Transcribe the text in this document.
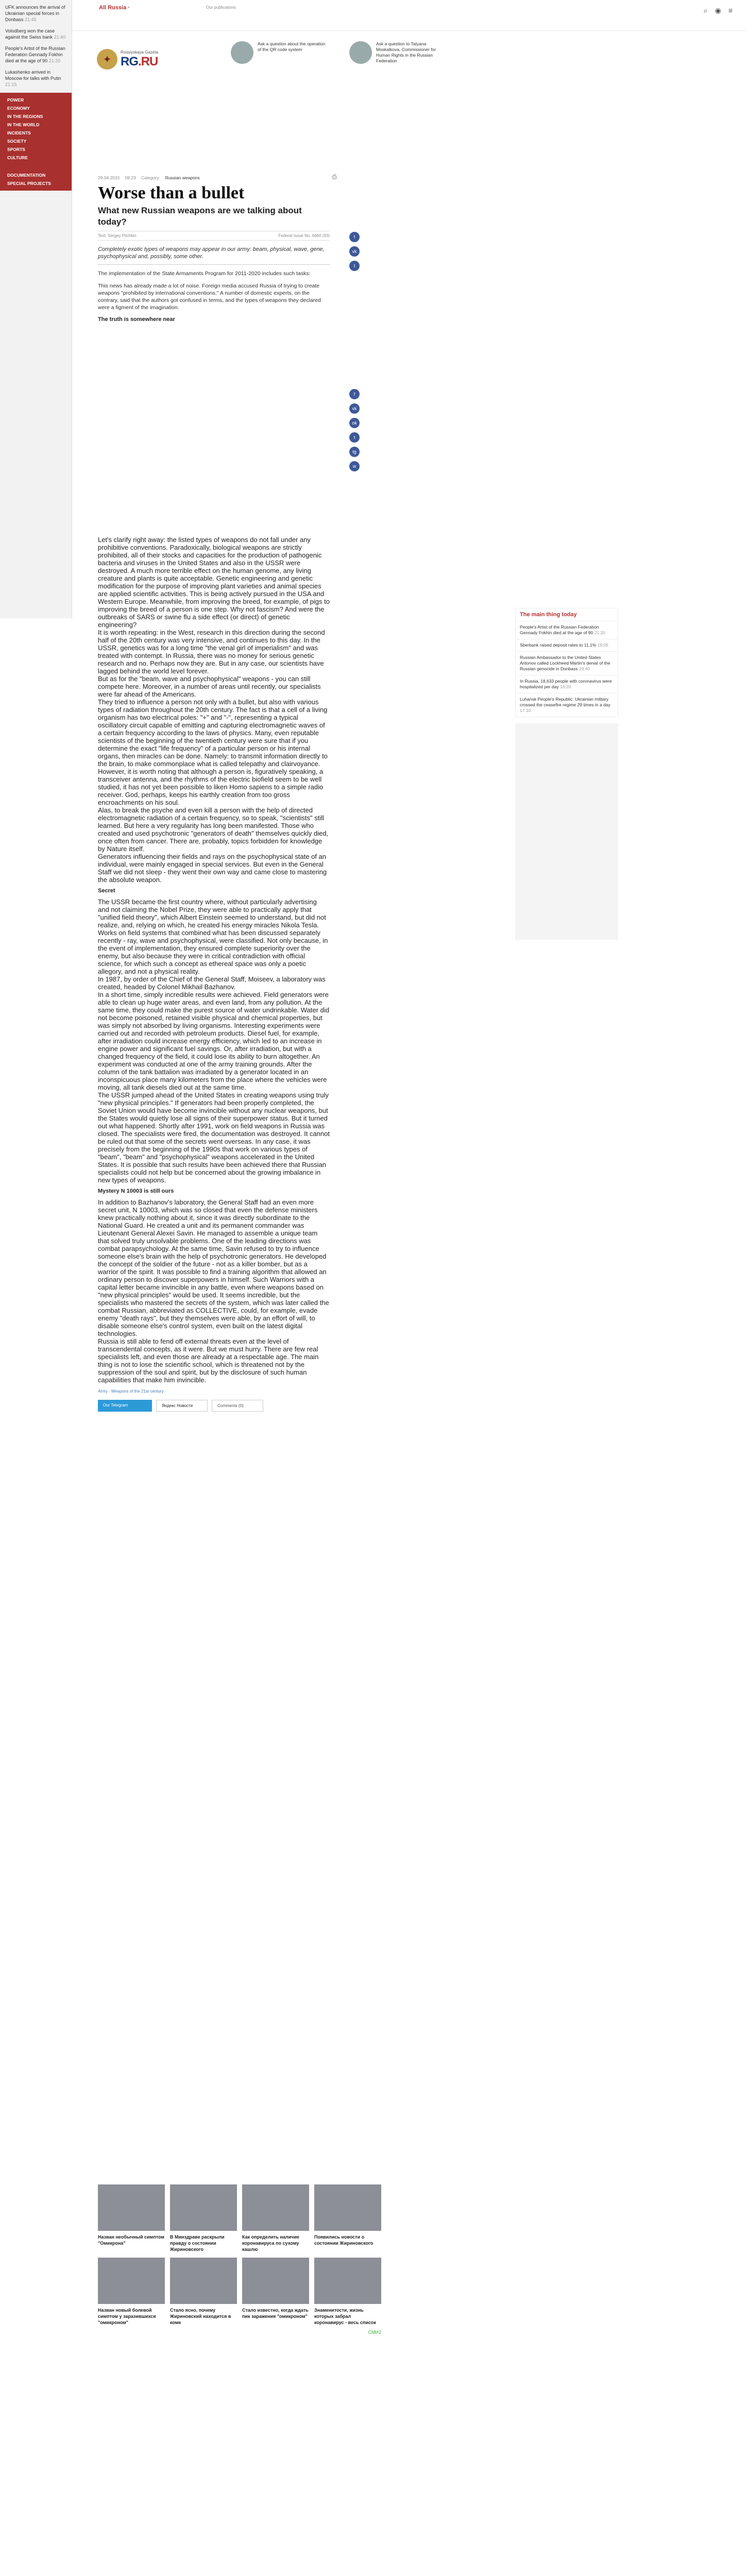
UFK announces the arrival of Ukrainian special forces in Donbass 21:45
Volodberg won the case against the Swiss bank 21:40
People's Artist of the Russian Federation Gennady Fokhin died at the age of 90 21:20
Lukashenko arrived in Moscow for talks with Putin 21:15
POWER
ECONOMY
IN THE REGIONS
IN THE WORLD
INCIDENTS
SOCIETY
SPORTS
CULTURE
DOCUMENTATION
SPECIAL PROJECTS
All Russia ·	Our publications	⌕ ◉ ≡
✦
Rossiyskaya Gazeta
RG.RU
Ask a question about the operation of the QR code system
Ask a question to Tatyana Moskalkova, Commissioner for Human Rights in the Russian Federation
29.04.2015 09:23 Category: Russian weapons	⎙
Worse than a bullet
What new Russian weapons are we talking about today?
Text: Sergey Ptichkin	Federal Issue No. 6660 (93)
Completely exotic types of weapons may appear in our army: beam, physical, wave, gene, psychophysical and, possibly, some other.

The implementation of the State Armaments Program for 2011-2020 includes such tasks:

This news has already made a lot of noise. Foreign media accused Russia of trying to create weapons "prohibited by international conventions." A number of domestic experts, on the contrary, said that the authors got confused in terms, and the types of weapons they declared were a figment of the imagination.

The truth is somewhere near
f
vk
t
f
vk
ok
t
tg
w

Let's clarify right away: the listed types of weapons do not fall under any prohibitive conventions. Paradoxically, biological weapons are strictly prohibited, all of their stocks and capacities for the production of pathogenic bacteria and viruses in the United States and also in the USSR were destroyed. A much more terrible effect on the human genome, any living creature and plants is quite acceptable. Genetic engineering and genetic modification for the purpose of improving plant varieties and animal species are applied scientific activities. This is being actively pursued in the USA and Western Europe. Meanwhile, from improving the breed, for example, of pigs to improving the breed of a person is one step. Why not fascism? And were the outbreaks of SARS or swine flu a side effect (or direct) of genetic engineering?

It is worth repeating: in the West, research in this direction during the second half of the 20th century was very intensive, and continues to this day. In the USSR, genetics was for a long time "the venal girl of imperialism" and was treated with contempt. In Russia, there was no money for serious genetic research and no. Perhaps now they are. But in any case, our scientists have lagged behind the world level forever.

But as for the "beam, wave and psychophysical" weapons - you can still compete here. Moreover, in a number of areas until recently, our specialists were far ahead of the Americans.

They tried to influence a person not only with a bullet, but also with various types of radiation throughout the 20th century. The fact is that a cell of a living organism has two electrical poles: "+" and "-", representing a typical oscillatory circuit capable of emitting and capturing electromagnetic waves of a certain frequency according to the laws of physics. Many, even reputable scientists of the beginning of the twentieth century were sure that if you determine the exact "life frequency" of a particular person or his internal organs, then miracles can be done. Namely: to transmit information directly to the brain, to make commonplace what is called telepathy and clairvoyance.

However, it is worth noting that although a person is, figuratively speaking, a transceiver antenna, and the rhythms of the electric biofield seem to be well studied, it has not yet been possible to liken Homo sapiens to a simple radio receiver. God, perhaps, keeps his earthly creation from too gross encroachments on his soul.

Alas, to break the psyche and even kill a person with the help of directed electromagnetic radiation of a certain frequency, so to speak, "scientists" still learned. But here a very regularity has long been manifested. Those who created and used psychotronic "generators of death" themselves quickly died, once often from cancer. There are, probably, topics forbidden for knowledge by Nature itself.

Generators influencing their fields and rays on the psychophysical state of an individual, were mainly engaged in special services. But even in the General Staff we did not sleep - they went their own way and came close to mastering the absolute weapon.

Secret

The USSR became the first country where, without particularly advertising and not claiming the Nobel Prize, they were able to practically apply that "unified field theory", which Albert Einstein seemed to understand, but did not realize, and, relying on which, he created his energy miracles Nikola Tesla. Works on field systems that combined what has been discussed separately recently - ray, wave and psychophysical, were classified. Not only because, in the event of implementation, they ensured complete superiority over the enemy, but also because they were in critical contradiction with official science, for which such a concept as ethereal space was only a poetic allegory, and not a physical reality.

In 1987, by order of the Chief of the General Staff, Moiseev, a laboratory was created, headed by Colonel Mikhail Bazhanov.

In a short time, simply incredible results were achieved. Field generators were able to clean up huge water areas, and even land, from any pollution. At the same time, they could make the purest source of water undrinkable. Water did not become poisoned, retained visible physical and chemical properties, but was simply not absorbed by living organisms. Interesting experiments were carried out and recorded with petroleum products. Diesel fuel, for example, after irradiation could increase energy efficiency, which led to an increase in engine power and significant fuel savings. Or, after irradiation, but with a changed frequency of the field, it could lose its ability to burn altogether. An experiment was conducted at one of the army training grounds. After the column of the tank battalion was irradiated by a generator located in an inconspicuous place many kilometers from the place where the vehicles were moving, all tank diesels died out at the same time.

The USSR jumped ahead of the United States in creating weapons using truly "new physical principles." If generators had been properly completed, the Soviet Union would have become invincible without any nuclear weapons, but the States would quietly lose all signs of their superpower status. But it turned out what happened. Shortly after 1991, work on field weapons in Russia was closed. The specialists were fired, the documentation was destroyed. It cannot be ruled out that some of the secrets went overseas. In any case, it was precisely from the beginning of the 1990s that work on various types of "beam", "beam" and "psychophysical" weapons accelerated in the United States. It is possible that such results have been achieved there that Russian specialists could not help but be concerned about the growing imbalance in new types of weapons.

Mystery N 10003 is still ours

In addition to Bazhanov's laboratory, the General Staff had an even more secret unit, N 10003, which was so closed that even the defense ministers knew practically nothing about it, since it was directly subordinate to the National Guard. He created a unit and its permanent commander was Lieutenant General Alexei Savin. He managed to assemble a unique team that solved truly unsolvable problems. One of the leading directions was combat parapsychology. At the same time, Savin refused to try to influence someone else's brain with the help of psychotronic generators. He developed the concept of the soldier of the future - not as a killer bomber, but as a warrior of the spirit. It was possible to find a training algorithm that allowed an ordinary person to discover superpowers in himself. Such Warriors with a capital letter became invincible in any battle, even where weapons based on "new physical principles" would be used. It seems incredible, but the specialists who mastered the secrets of the system, which was later called the combat Russian, abbreviated as COLLECTIVE, could, for example, evade enemy "death rays", but they themselves were able, by an effort of will, to disable someone else's control system, even built on the latest digital technologies.

Russia is still able to fend off external threats even at the level of transcendental concepts, as it were. But we must hurry. There are few real specialists left, and even those are already at a respectable age. The main thing is not to lose the scientific school, which is threatened not by the suppression of the soul and spirit, but by the disclosure of such human capabilities that make him invincible.

Army · Weapons of the 21st century
Our Telegram	Яндекс Новости	Comments (0)
The main thing today
People's Artist of the Russian Federation Gennady Fokhin died at the age of 90 21:20
Sberbank raised deposit rates to 11.1% 19:05
Russian Ambassador to the United States Antonov called Lockheed Martin's denial of the Russian genocide in Donbass 19:40
In Russia, 18,633 people with coronavirus were hospitalized per day 18:20
Luhansk People's Republic: Ukrainian military crossed the ceasefire regime 29 times in a day 17:10
Назван необычный симптом "Омикрона"
В Минздраве раскрыли правду о состоянии Жириновского
Как определить наличие коронавируса по сухому кашлю
Появились новости о состоянии Жириновского
Назван новый болевой симптом у заразившихся "омикроном"
Стало ясно, почему Жириновский находится в коме
Стало известно, когда ждать пик заражения "омикроном"
Знаменитости, жизнь которых забрал коронавирус - весь список
СМИ2
